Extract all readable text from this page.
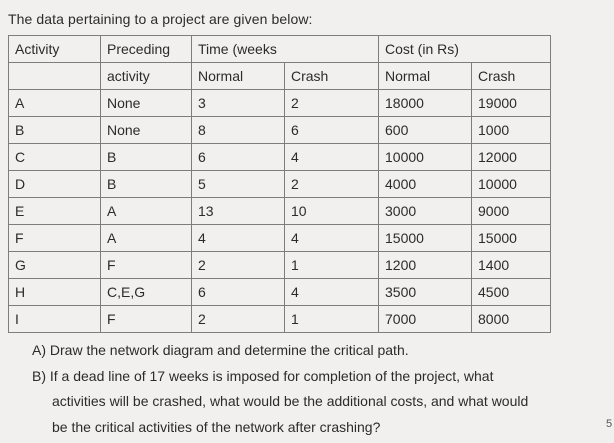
The data pertaining to a project are given below:
Activity	Preceding	Time (weeks		Cost (in Rs)	
	activity	Normal	Crash	Normal	Crash
A	None	3	2	18000	19000
B	None	8	6	600	1000
C	B	6	4	10000	12000
D	B	5	2	4000	10000
E	A	13	10	3000	9000
F	A	4	4	15000	15000
G	F	2	1	1200	1400
H	C,E,G	6	4	3500	4500
I	F	2	1	7000	8000
A) Draw the network diagram and determine the critical path.
B) If a dead line of 17 weeks is imposed for completion of the project, what
activities will be crashed, what would be the additional costs, and what would
be the critical activities of the network after crashing?	5
